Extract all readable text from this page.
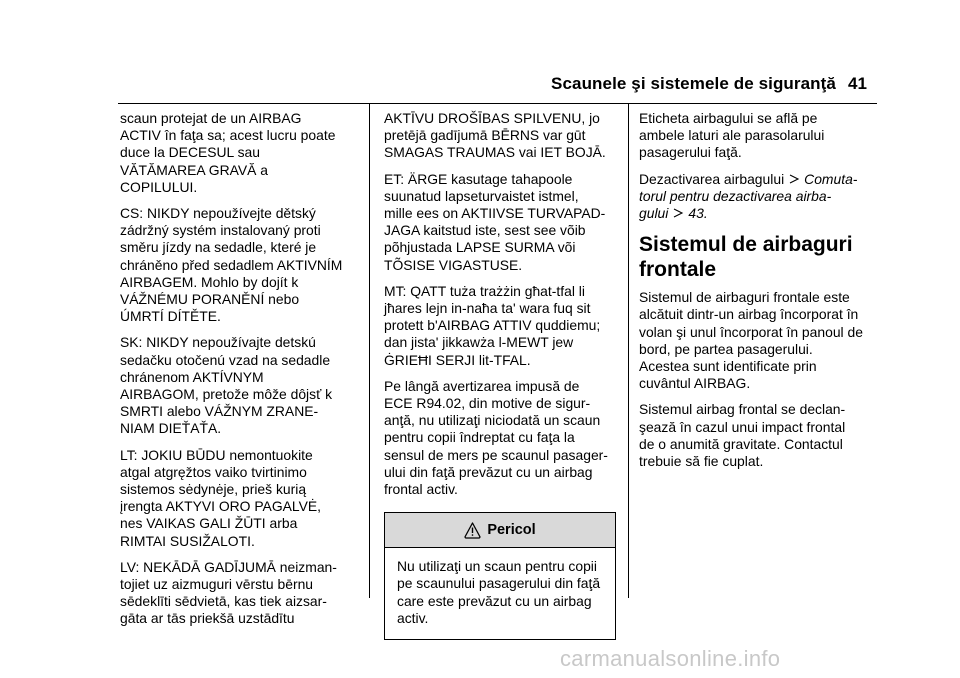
Scaunele şi sistemele de siguranţă 41

scaun protejat de un AIRBAG
ACTIV în faţa sa; acest lucru poate
duce la DECESUL sau
VĂTĂMAREA GRAVĂ a
COPILULUI.

CS: NIKDY nepoužívejte dětský
zádržný systém instalovaný proti
směru jízdy na sedadle, které je
chráněno před sedadlem AKTIVNÍM
AIRBAGEM. Mohlo by dojít k
VÁŽNÉMU PORANĚNÍ nebo
ÚMRTÍ DÍTĚTE.

SK: NIKDY nepoužívajte detskú
sedačku otočenú vzad na sedadle
chránenom AKTÍVNYM
AIRBAGOM, pretože môže dôjsť k
SMRTI alebo VÁŽNYM ZRANE-
NIAM DIEŤAŤA.

LT: JOKIU BŪDU nemontuokite
atgal atgręžtos vaiko tvirtinimo
sistemos sėdynėje, prieš kurią
įrengta AKTYVI ORO PAGALVĖ,
nes VAIKAS GALI ŽŪTI arba
RIMTAI SUSIŽALOTI.

LV: NEKĀDĀ GADĪJUMĀ neizman-
tojiet uz aizmuguri vērstu bērnu
sēdeklīti sēdvietā, kas tiek aizsar-
gāta ar tās priekšā uzstādītu

AKTĪVU DROŠĪBAS SPILVENU, jo
pretējā gadījumā BĒRNS var gūt
SMAGAS TRAUMAS vai IET BOJĀ.

ET: ÄRGE kasutage tahapoole
suunatud lapseturvaistet istmel,
mille ees on AKTIIVSE TURVAPAD-
JAGA kaitstud iste, sest see võib
põhjustada LAPSE SURMA või
TÕSISE VIGASTUSE.

MT: QATT tuża trażżin għat-tfal li
jħares lejn in-naħa ta' wara fuq sit
protett b'AIRBAG ATTIV quddiemu;
dan jista' jikkawża l-MEWT jew
ĠRIEĦI SERJI lit-TFAL.

Pe lângă avertizarea impusă de
ECE R94.02, din motive de sigur-
anţă, nu utilizaţi niciodată un scaun
pentru copii îndreptat cu faţa la
sensul de mers pe scaunul pasager-
ului din faţă prevăzut cu un airbag
frontal activ.

Pericol
Nu utilizaţi un scaun pentru copii
pe scaunului pasagerului din faţă
care este prevăzut cu un airbag
activ.

Eticheta airbagului se află pe
ambele laturi ale parasolarului
pasagerului faţă.

Dezactivarea airbagului Comuta-
torul pentru dezactivarea airba-
gului 43.

Sistemul de airbaguri
frontale

Sistemul de airbaguri frontale este
alcătuit dintr-un airbag încorporat în
volan şi unul încorporat în panoul de
bord, pe partea pasagerului.
Acestea sunt identificate prin
cuvântul AIRBAG.

Sistemul airbag frontal se declan-
şează în cazul unui impact frontal
de o anumită gravitate. Contactul
trebuie să fie cuplat.

carmanualsonline.info
